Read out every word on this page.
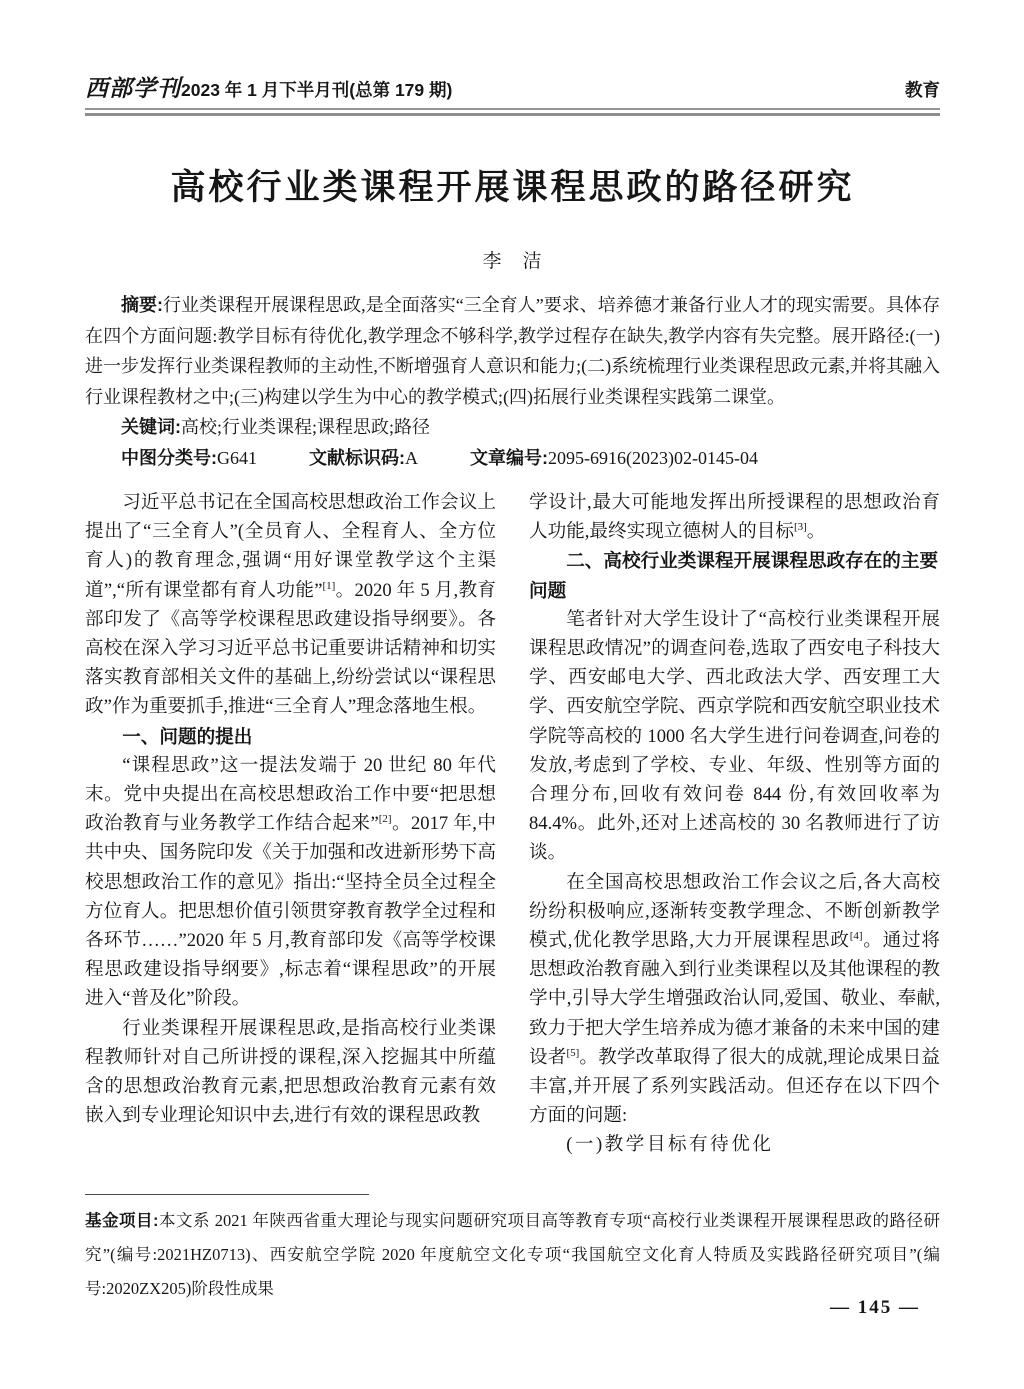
西部学刊 2023 年 1 月下半月刊(总第 179 期)	教育
高校行业类课程开展课程思政的路径研究
李　洁

摘要:行业类课程开展课程思政,是全面落实“三全育人”要求、培养德才兼备行业人才的现实需要。具体存在四个方面问题:教学目标有待优化,教学理念不够科学,教学过程存在缺失,教学内容有失完整。展开路径:(一)进一步发挥行业类课程教师的主动性,不断增强育人意识和能力;(二)系统梳理行业类课程思政元素,并将其融入行业课程教材之中;(三)构建以学生为中心的教学模式;(四)拓展行业类课程实践第二课堂。

关键词:高校;行业类课程;课程思政;路径

中图分类号:G641	文献标识码:A	文章编号:2095-6916(2023)02-0145-04

习近平总书记在全国高校思想政治工作会议上提出了“三全育人”(全员育人、全程育人、全方位育人)的教育理念,强调“用好课堂教学这个主渠道”,“所有课堂都有育人功能”[1]。2020 年 5 月,教育部印发了《高等学校课程思政建设指导纲要》。各高校在深入学习习近平总书记重要讲话精神和切实落实教育部相关文件的基础上,纷纷尝试以“课程思政”作为重要抓手,推进“三全育人”理念落地生根。

一、问题的提出

“课程思政”这一提法发端于 20 世纪 80 年代末。党中央提出在高校思想政治工作中要“把思想政治教育与业务教学工作结合起来”[2]。2017 年,中共中央、国务院印发《关于加强和改进新形势下高校思想政治工作的意见》指出:“坚持全员全过程全方位育人。把思想价值引领贯穿教育教学全过程和各环节……”2020 年 5 月,教育部印发《高等学校课程思政建设指导纲要》,标志着“课程思政”的开展进入“普及化”阶段。

行业类课程开展课程思政,是指高校行业类课程教师针对自己所讲授的课程,深入挖掘其中所蕴含的思想政治教育元素,把思想政治教育元素有效嵌入到专业理论知识中去,进行有效的课程思政教

学设计,最大可能地发挥出所授课程的思想政治育人功能,最终实现立德树人的目标[3]。

二、高校行业类课程开展课程思政存在的主要问题

笔者针对大学生设计了“高校行业类课程开展课程思政情况”的调查问卷,选取了西安电子科技大学、西安邮电大学、西北政法大学、西安理工大学、西安航空学院、西京学院和西安航空职业技术学院等高校的 1000 名大学生进行问卷调查,问卷的发放,考虑到了学校、专业、年级、性别等方面的合理分布,回收有效问卷 844 份,有效回收率为 84.4%。此外,还对上述高校的 30 名教师进行了访谈。

在全国高校思想政治工作会议之后,各大高校纷纷积极响应,逐渐转变教学理念、不断创新教学模式,优化教学思路,大力开展课程思政[4]。通过将思想政治教育融入到行业类课程以及其他课程的教学中,引导大学生增强政治认同,爱国、敬业、奉献,致力于把大学生培养成为德才兼备的未来中国的建设者[5]。教学改革取得了很大的成就,理论成果日益丰富,并开展了系列实践活动。但还存在以下四个方面的问题:

(一)教学目标有待优化

基金项目:本文系 2021 年陕西省重大理论与现实问题研究项目高等教育专项“高校行业类课程开展课程思政的路径研究”(编号:2021HZ0713)、西安航空学院 2020 年度航空文化专项“我国航空文化育人特质及实践路径研究项目”(编号:2020ZX205)阶段性成果

— 145 —
